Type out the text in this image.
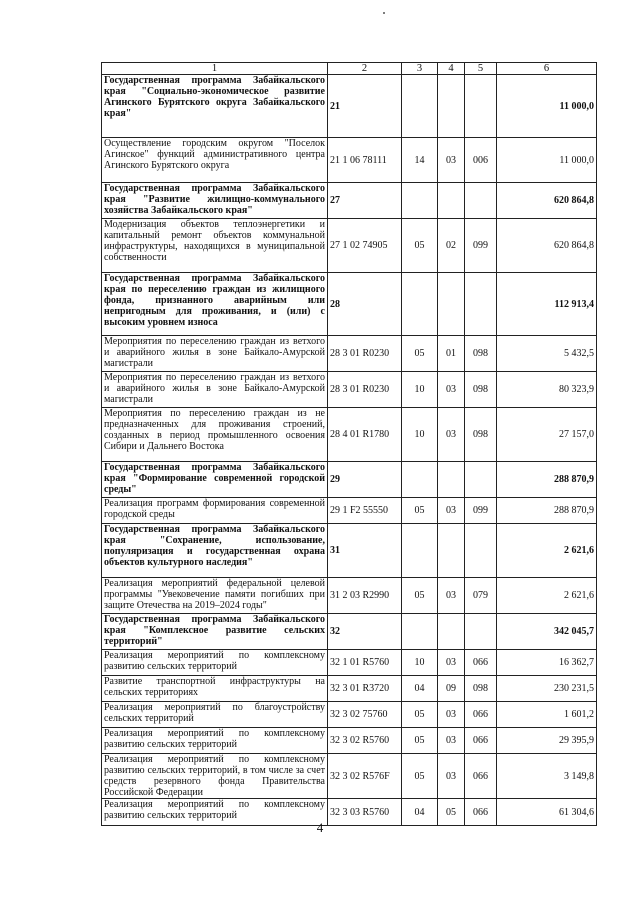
1	2	3	4	5	6
Государственная программа Забайкальского края "Социально-экономическое развитие Агинского Бурятского округа Забайкальского края"	21				11 000,0
Осуществление городским округом "Поселок Агинское" функций административного центра Агинского Бурятского округа	21 1 06 78111	14	03	006	11 000,0
Государственная программа Забайкальского края "Развитие жилищно-коммунального хозяйства Забайкальского края"	27				620 864,8
Модернизация объектов теплоэнергетики и капитальный ремонт объектов коммунальной инфраструктуры, находящихся в муниципальной собственности	27 1 02 74905	05	02	099	620 864,8
Государственная программа Забайкальского края по переселению граждан из жилищного фонда, признанного аварийным или непригодным для проживания, и (или) с высоким уровнем износа	28				112 913,4
Мероприятия по переселению граждан из ветхого и аварийного жилья в зоне Байкало-Амурской магистрали	28 3 01 R0230	05	01	098	5 432,5
Мероприятия по переселению граждан из ветхого и аварийного жилья в зоне Байкало-Амурской магистрали	28 3 01 R0230	10	03	098	80 323,9
Мероприятия по переселению граждан из не предназначенных для проживания строений, созданных в период промышленного освоения Сибири и Дальнего Востока	28 4 01 R1780	10	03	098	27 157,0
Государственная программа Забайкальского края "Формирование современной городской среды"	29				288 870,9
Реализация программ формирования современной городской среды	29 1 F2 55550	05	03	099	288 870,9
Государственная программа Забайкальского края "Сохранение, использование, популяризация и государственная охрана объектов культурного наследия"	31				2 621,6
Реализация мероприятий федеральной целевой программы "Увековечение памяти погибших при защите Отечества на 2019–2024 годы"	31 2 03 R2990	05	03	079	2 621,6
Государственная программа Забайкальского края "Комплексное развитие сельских территорий"	32				342 045,7
Реализация мероприятий по комплексному развитию сельских территорий	32 1 01 R5760	10	03	066	16 362,7
Развитие транспортной инфраструктуры на сельских территориях	32 3 01 R3720	04	09	098	230 231,5
Реализация мероприятий по благоустройству сельских территорий	32 3 02 75760	05	03	066	1 601,2
Реализация мероприятий по комплексному развитию сельских территорий	32 3 02 R5760	05	03	066	29 395,9
Реализация мероприятий по комплексному развитию сельских территорий, в том числе за счет средств резервного фонда Правительства Российской Федерации	32 3 02 R576F	05	03	066	3 149,8
Реализация мероприятий по комплексному развитию сельских территорий	32 3 03 R5760	04	05	066	61 304,6
4
